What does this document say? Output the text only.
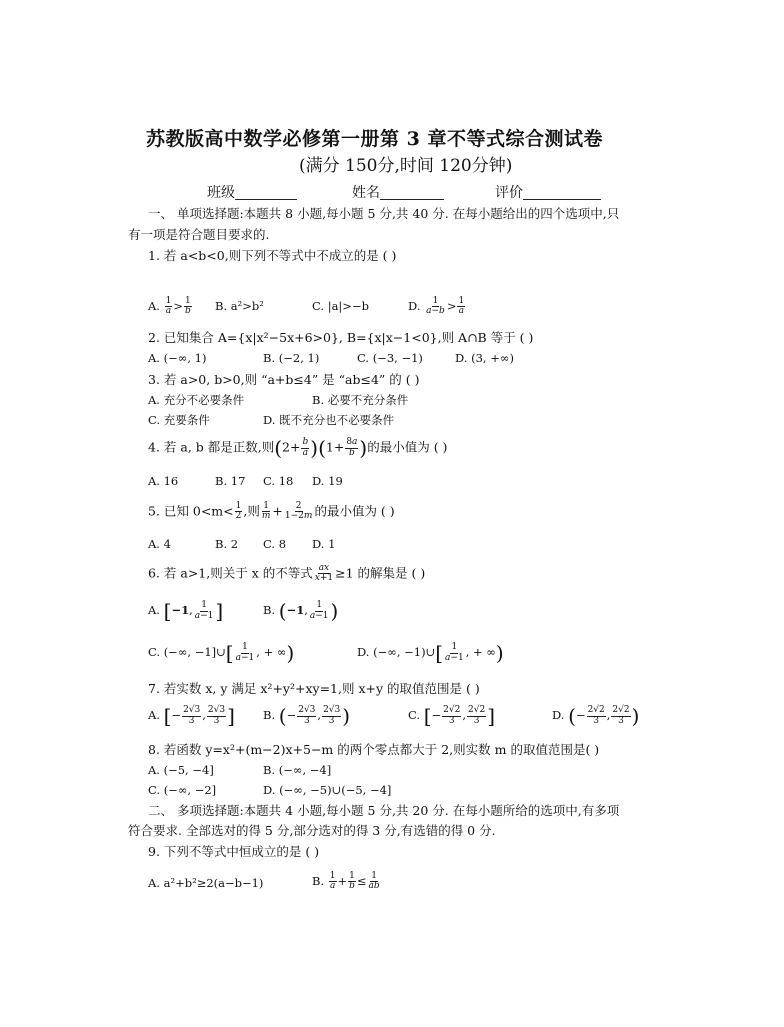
苏教版高中数学必修第一册第 3 章不等式综合测试卷
(满分 150分,时间 120分钟)
班级	姓名	评价
一、 单项选择题:本题共 8 小题,每小题 5 分,共 40 分. 在每小题给出的四个选项中,只
有一项是符合题目要求的.
1. 若 a<b<0,则下列不等式中不成立的是 ( )
A. $\frac{1}{a} > \frac{1}{b} B$. a²>b²	C. |a|>−b	D. $\frac{1}{a-b} > \frac{1}{a}$
2. 已知集合 A={x|x²−5x+6>0}, B={x|x−1<0},则 A∩B 等于 ( )
A. (−∞, 1)	B. (−2, 1)	C. (−3, −1)	D. (3, +∞)
3. 若 a>0, b>0,则 “a+b≤4” 是 “ab≤4” 的 ( )
A. 充分不必要条件	B. 必要不充分条件
C. 充要条件	D. 既不充分也不必要条件
4. 若 a, b 都是正数,则$(2+ \frac{b}{a} )(1+ \frac{8a}{b}$ )的最小值为 ( )
A. 16	B. 17 C. 18 D. 19
5. 已知 $0<m< \frac{1}{2}$ ,则 $\frac{1}{m} + \frac{2}{1-2m}$ 的最小值为 ( )
A. 4	B. 2 C. 8 D. 1
6. 若 a>1,则关于 x 的不等式 $\frac{ax}{x+1} \ge 1$ 的解集是 ( )
A. [−1, $\frac{1}{a-1}$ ]	B. (−1, $\frac{1}{a-1}$ )
C. (−∞, −1]∪[ $\frac{1}{a-1}$ , + ∞)	D. (−∞, −1)∪[ $\frac{1}{a-1}$ , + ∞)
7. 若实数 x, y 满足 x²+y²+xy=1,则 x+y 的取值范围是 ( )
A. [− $\frac{2√3}{3}$ , $\frac{2√3}{3}$ ] B. (− $\frac{2√3}{3}$ , $\frac{2√3}{3}$ )	C. [− $\frac{2√2}{3}$ , $\frac{2√2}{3}$ ]	D. (− $\frac{2√2}{3}$ , $\frac{2√2}{3}$ )
8. 若函数 y=x²+(m−2)x+5−m 的两个零点都大于 2,则实数 m 的取值范围是( )
A. (−5, −4]	B. (−∞, −4]
C. (−∞, −2]	D. (−∞, −5)∪(−5, −4]
二、 多项选择题:本题共 4 小题,每小题 5 分,共 20 分. 在每小题所给的选项中,有多项
符合要求. 全部选对的得 5 分,部分选对的得 3 分,有选错的得 0 分.
9. 下列不等式中恒成立的是 ( )
A. a²+b²≥2(a−b−1)	B. $\frac{1}{a} + \frac{1}{b} \le \frac{1}{ab}$
